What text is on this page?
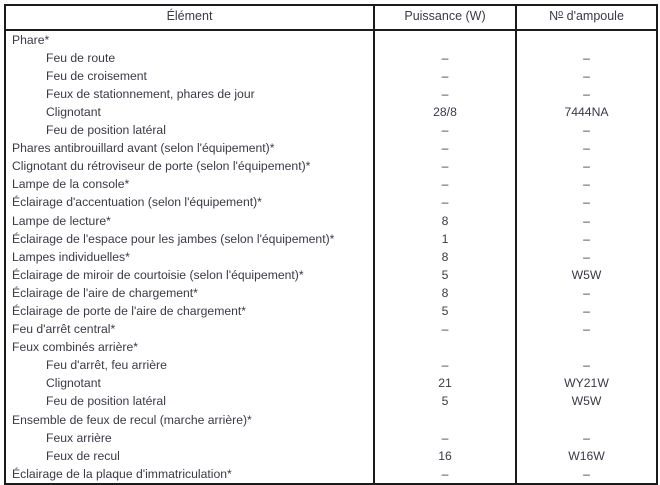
Élément	Puissance (W)	$N^o$ d'ampoule
Phare*		
Feu de route	–	–
Feu de croisement	–	–
Feux de stationnement, phares de jour	–	–
Clignotant	28/8	7444NA
Feu de position latéral	–	–
Phares antibrouillard avant (selon l'équipement)*	–	–
Clignotant du rétroviseur de porte (selon l'équipement)*	–	–
Lampe de la console*	–	–
Éclairage d'accentuation (selon l'équipement)*	–	–
Lampe de lecture*	8	–
Éclairage de l'espace pour les jambes (selon l'équipement)*	1	–
Lampes individuelles*	8	–
Éclairage de miroir de courtoisie (selon l'équipement)*	5	W5W
Éclairage de l'aire de chargement*	8	–
Éclairage de porte de l'aire de chargement*	5	–
Feu d'arrêt central*	–	–
Feux combinés arrière*		
Feu d'arrêt, feu arrière	–	–
Clignotant	21	WY21W
Feu de position latéral	5	W5W
Ensemble de feux de recul (marche arrière)*		
Feux arrière	–	–
Feux de recul	16	W16W
Éclairage de la plaque d'immatriculation*	–	–
